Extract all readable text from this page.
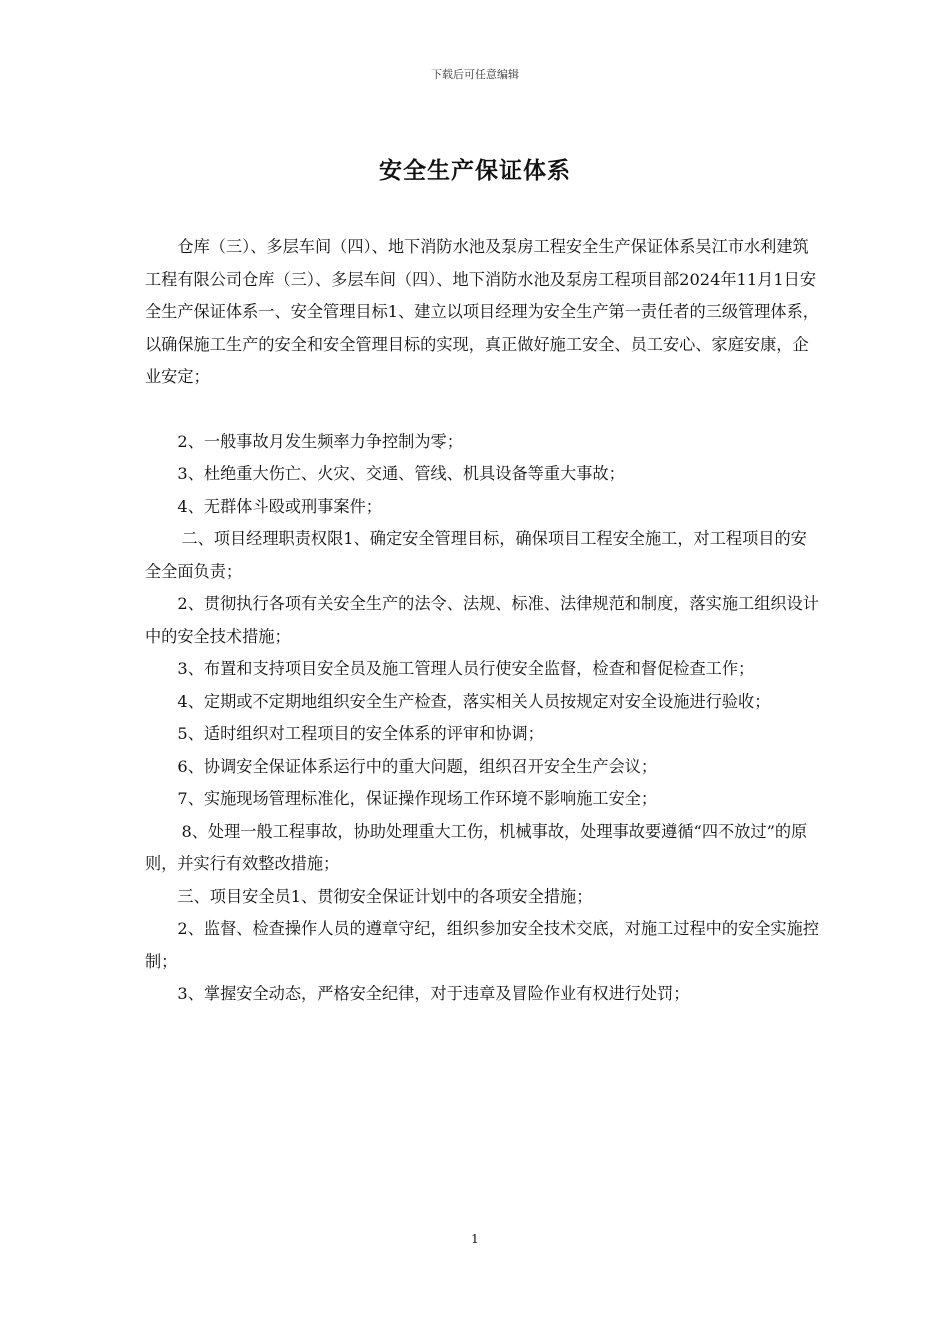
下载后可任意编辑
安全生产保证体系

仓库（三）、多层车间（四）、地下消防水池及泵房工程安全生产保证体系吴江市水利建筑工程有限公司仓库（三）、多层车间（四）、地下消防水池及泵房工程项目部2024年11月1日安全生产保证体系一、安全管理目标1、建立以项目经理为安全生产第一责任者的三级管理体系，以确保施工生产的安全和安全管理目标的实现，真正做好施工安全、员工安心、家庭安康，企业安定；

2、一般事故月发生频率力争控制为零；

3、杜绝重大伤亡、火灾、交通、管线、机具设备等重大事故；

4、无群体斗殴或刑事案件；

二、项目经理职责权限1、确定安全管理目标，确保项目工程安全施工，对工程项目的安全全面负责；

2、贯彻执行各项有关安全生产的法令、法规、标准、法律规范和制度，落实施工组织设计中的安全技术措施；

3、布置和支持项目安全员及施工管理人员行使安全监督，检查和督促检查工作；

4、定期或不定期地组织安全生产检查，落实相关人员按规定对安全设施进行验收；

5、适时组织对工程项目的安全体系的评审和协调；

6、协调安全保证体系运行中的重大问题，组织召开安全生产会议；

7、实施现场管理标准化，保证操作现场工作环境不影响施工安全；

8、处理一般工程事故，协助处理重大工伤，机械事故，处理事故要遵循“四不放过”的原则，并实行有效整改措施；

三、项目安全员1、贯彻安全保证计划中的各项安全措施；

2、监督、检查操作人员的遵章守纪，组织参加安全技术交底，对施工过程中的安全实施控制；

3、掌握安全动态，严格安全纪律，对于违章及冒险作业有权进行处罚；

1
